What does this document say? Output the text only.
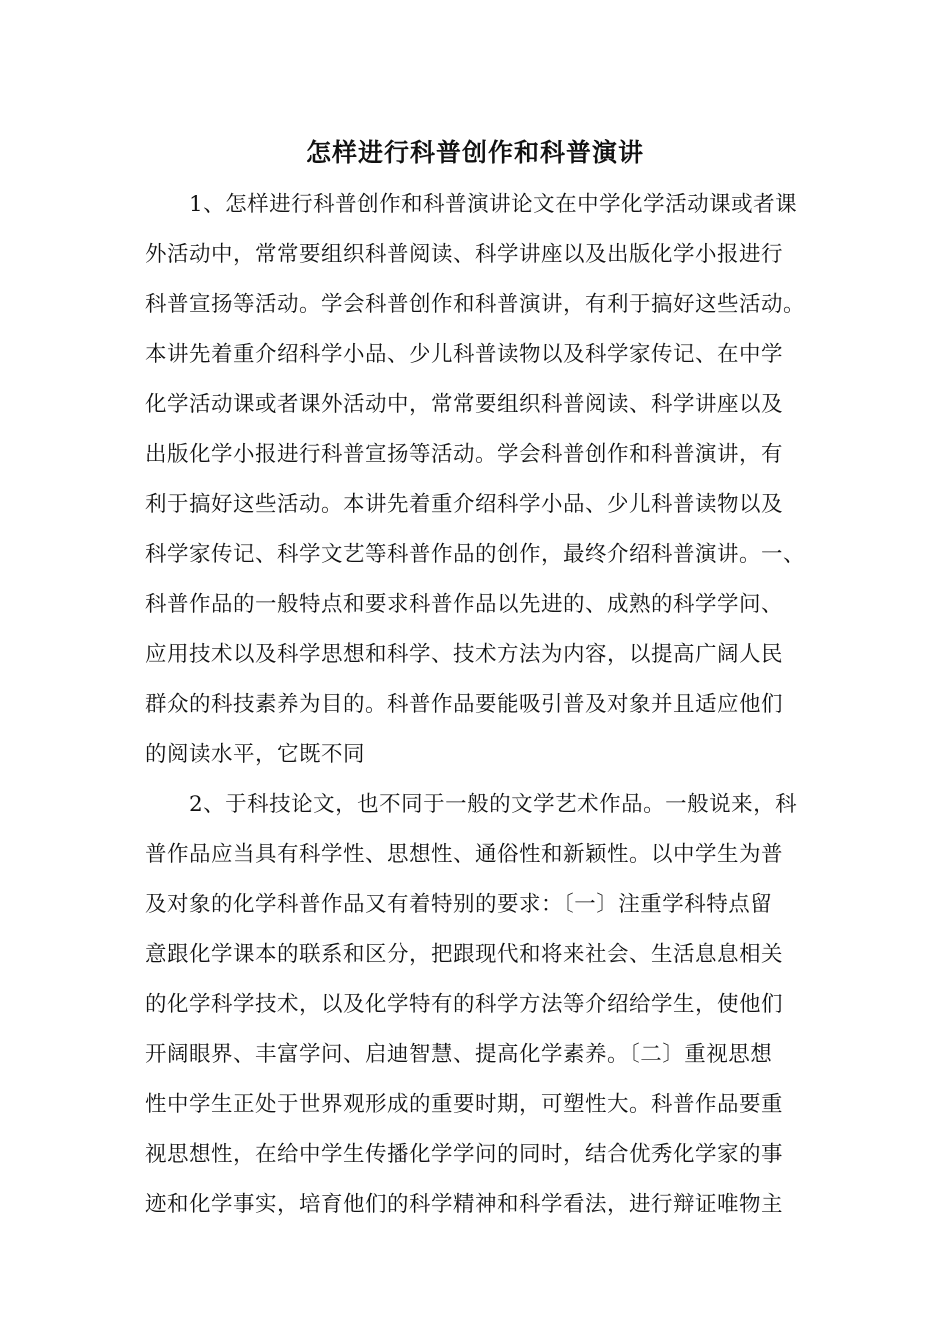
怎样进行科普创作和科普演讲
1、怎样进行科普创作和科普演讲论文在中学化学活动课或者课
外活动中，常常要组织科普阅读、科学讲座以及出版化学小报进行
科普宣扬等活动。学会科普创作和科普演讲，有利于搞好这些活动。
本讲先着重介绍科学小品、少儿科普读物以及科学家传记、在中学
化学活动课或者课外活动中，常常要组织科普阅读、科学讲座以及
出版化学小报进行科普宣扬等活动。学会科普创作和科普演讲，有
利于搞好这些活动。本讲先着重介绍科学小品、少儿科普读物以及
科学家传记、科学文艺等科普作品的创作，最终介绍科普演讲。一、
科普作品的一般特点和要求科普作品以先进的、成熟的科学学问、
应用技术以及科学思想和科学、技术方法为内容，以提高广阔人民
群众的科技素养为目的。科普作品要能吸引普及对象并且适应他们
的阅读水平，它既不同
2、于科技论文，也不同于一般的文学艺术作品。一般说来，科
普作品应当具有科学性、思想性、通俗性和新颖性。以中学生为普
及对象的化学科普作品又有着特别的要求：〔一〕注重学科特点留
意跟化学课本的联系和区分，把跟现代和将来社会、生活息息相关
的化学科学技术，以及化学特有的科学方法等介绍给学生，使他们
开阔眼界、丰富学问、启迪智慧、提高化学素养。〔二〕重视思想
性中学生正处于世界观形成的重要时期，可塑性大。科普作品要重
视思想性，在给中学生传播化学学问的同时，结合优秀化学家的事
迹和化学事实，培育他们的科学精神和科学看法，进行辩证唯物主
